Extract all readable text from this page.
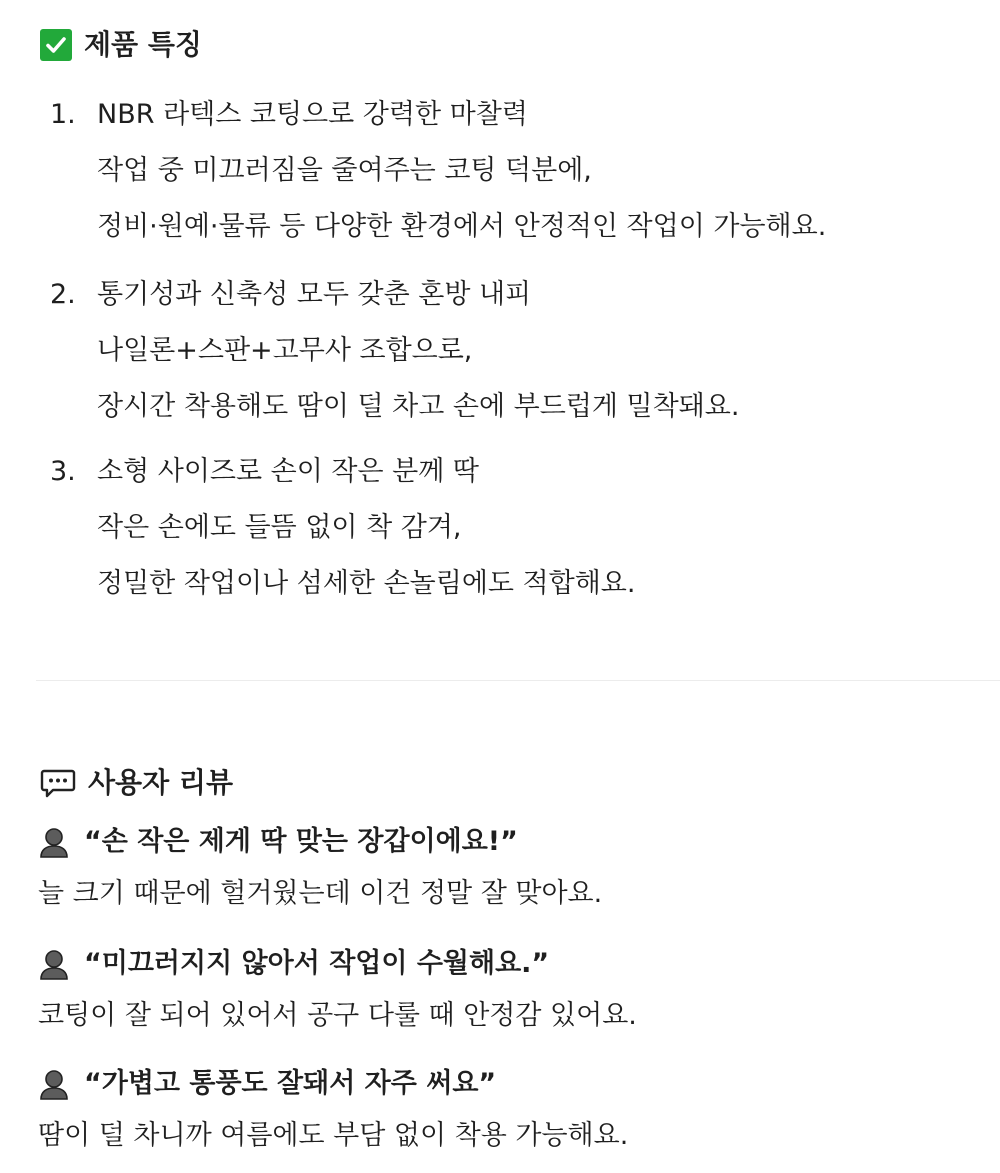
제품 특징
1. NBR 라텍스 코팅으로 강력한 마찰력
작업 중 미끄러짐을 줄여주는 코팅 덕분에,
정비·원예·물류 등 다양한 환경에서 안정적인 작업이 가능해요.
2. 통기성과 신축성 모두 갖춘 혼방 내피
나일론+스판+고무사 조합으로,
장시간 착용해도 땀이 덜 차고 손에 부드럽게 밀착돼요.
3. 소형 사이즈로 손이 작은 분께 딱
작은 손에도 들뜸 없이 착 감겨,
정밀한 작업이나 섬세한 손놀림에도 적합해요.
사용자 리뷰
“손 작은 제게 딱 맞는 장갑이에요!”
늘 크기 때문에 헐거웠는데 이건 정말 잘 맞아요.
“미끄러지지 않아서 작업이 수월해요.”
코팅이 잘 되어 있어서 공구 다룰 때 안정감 있어요.
“가볍고 통풍도 잘돼서 자주 써요”
땀이 덜 차니까 여름에도 부담 없이 착용 가능해요.
